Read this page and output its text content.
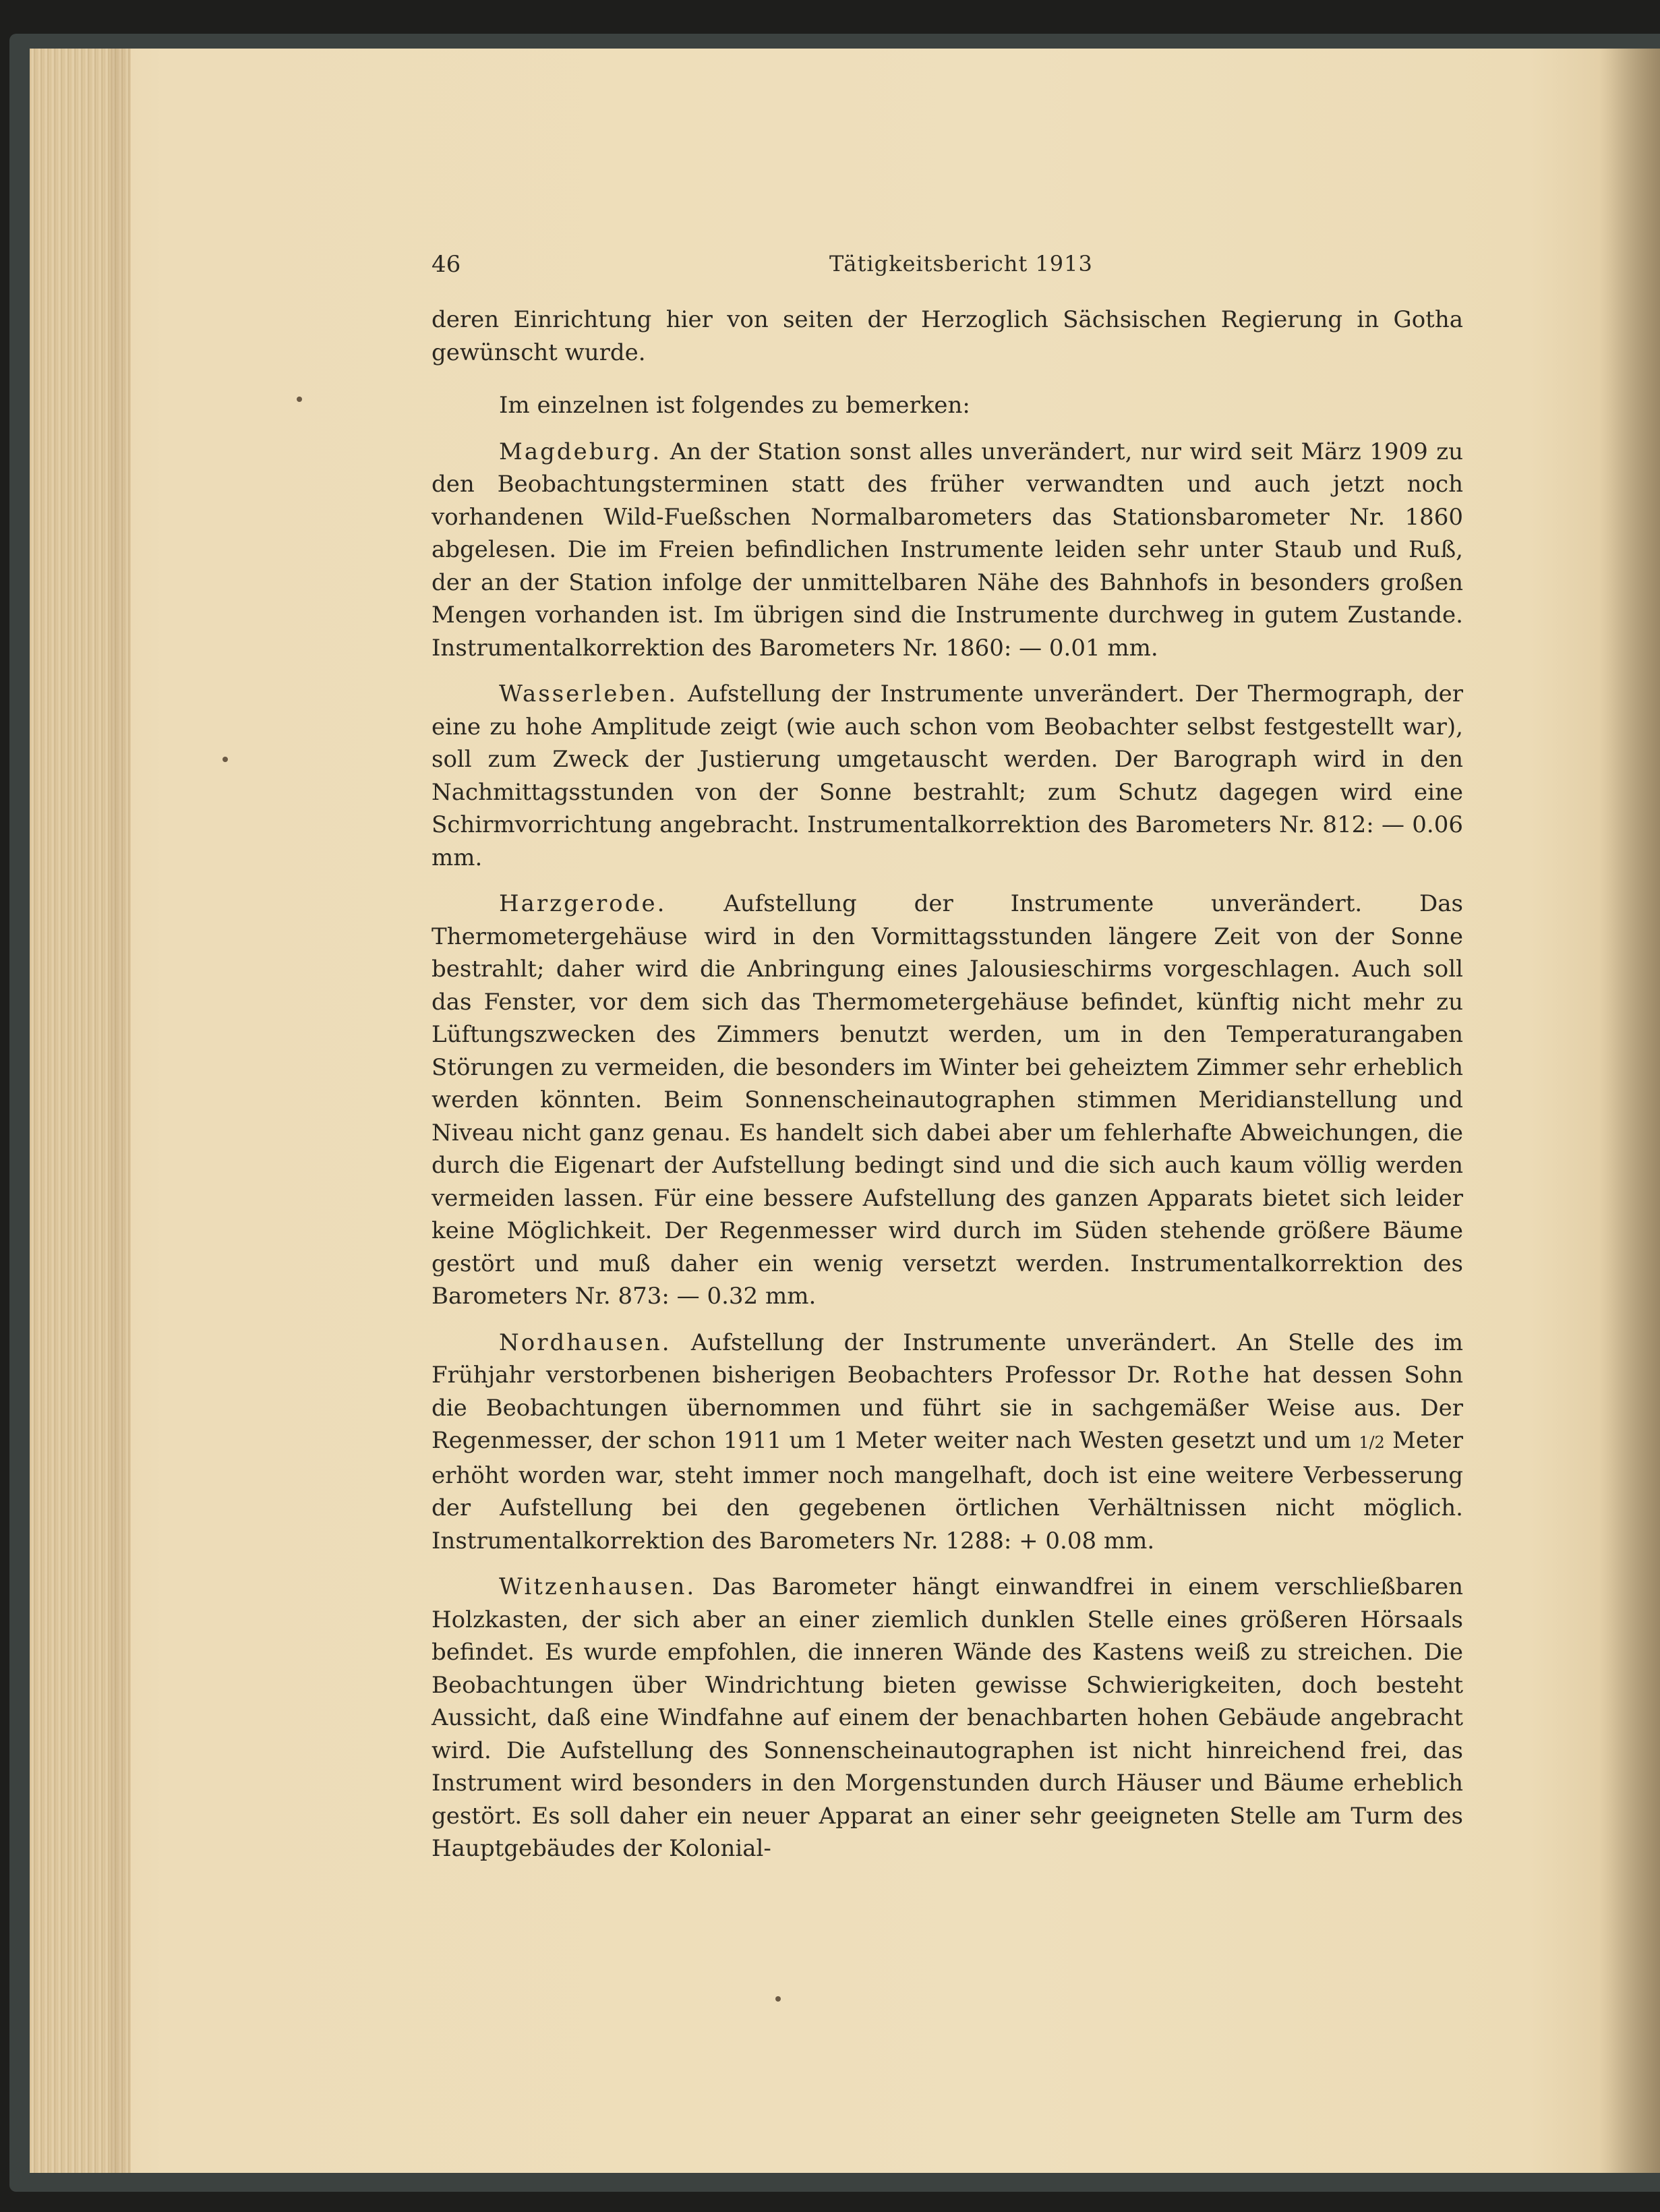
46	Tätigkeitsbericht 1913

deren Einrichtung hier von seiten der Herzoglich Sächsischen Regierung in Gotha gewünscht wurde.

Im einzelnen ist folgendes zu bemerken:

Magdeburg. An der Station sonst alles unverändert, nur wird seit März 1909 zu den Beobachtungsterminen statt des früher verwandten und auch jetzt noch vorhandenen Wild-Fueßschen Normalbarometers das Stationsbarometer Nr. 1860 abgelesen. Die im Freien befindlichen Instrumente leiden sehr unter Staub und Ruß, der an der Station infolge der unmittelbaren Nähe des Bahnhofs in besonders großen Mengen vorhanden ist. Im übrigen sind die Instrumente durchweg in gutem Zustande. Instrumentalkorrektion des Barometers Nr. 1860: — 0.01 mm.

Wasserleben. Aufstellung der Instrumente unverändert. Der Thermograph, der eine zu hohe Amplitude zeigt (wie auch schon vom Beobachter selbst festgestellt war), soll zum Zweck der Justierung umgetauscht werden. Der Barograph wird in den Nachmittagsstunden von der Sonne bestrahlt; zum Schutz dagegen wird eine Schirmvorrichtung angebracht. Instrumentalkorrektion des Barometers Nr. 812: — 0.06 mm.

Harzgerode. Aufstellung der Instrumente unverändert. Das Thermometergehäuse wird in den Vormittagsstunden längere Zeit von der Sonne bestrahlt; daher wird die Anbringung eines Jalousieschirms vorgeschlagen. Auch soll das Fenster, vor dem sich das Thermometergehäuse befindet, künftig nicht mehr zu Lüftungszwecken des Zimmers benutzt werden, um in den Temperaturangaben Störungen zu vermeiden, die besonders im Winter bei geheiztem Zimmer sehr erheblich werden könnten. Beim Sonnenscheinautographen stimmen Meridianstellung und Niveau nicht ganz genau. Es handelt sich dabei aber um fehlerhafte Abweichungen, die durch die Eigenart der Aufstellung bedingt sind und die sich auch kaum völlig werden vermeiden lassen. Für eine bessere Aufstellung des ganzen Apparats bietet sich leider keine Möglichkeit. Der Regenmesser wird durch im Süden stehende größere Bäume gestört und muß daher ein wenig versetzt werden. Instrumentalkorrektion des Barometers Nr. 873: — 0.32 mm.

Nordhausen. Aufstellung der Instrumente unverändert. An Stelle des im Frühjahr verstorbenen bisherigen Beobachters Professor Dr. Rothe hat dessen Sohn die Beobachtungen übernommen und führt sie in sachgemäßer Weise aus. Der Regenmesser, der schon 1911 um 1 Meter weiter nach Westen gesetzt und um 1/2 Meter erhöht worden war, steht immer noch mangelhaft, doch ist eine weitere Verbesserung der Aufstellung bei den gegebenen örtlichen Verhältnissen nicht möglich. Instrumentalkorrektion des Barometers Nr. 1288: + 0.08 mm.

Witzenhausen. Das Barometer hängt einwandfrei in einem verschließbaren Holzkasten, der sich aber an einer ziemlich dunklen Stelle eines größeren Hörsaals befindet. Es wurde empfohlen, die inneren Wände des Kastens weiß zu streichen. Die Beobachtungen über Windrichtung bieten gewisse Schwierigkeiten, doch besteht Aussicht, daß eine Windfahne auf einem der benachbarten hohen Gebäude angebracht wird. Die Aufstellung des Sonnenscheinautographen ist nicht hinreichend frei, das Instrument wird besonders in den Morgenstunden durch Häuser und Bäume erheblich gestört. Es soll daher ein neuer Apparat an einer sehr geeigneten Stelle am Turm des Hauptgebäudes der Kolonial-
